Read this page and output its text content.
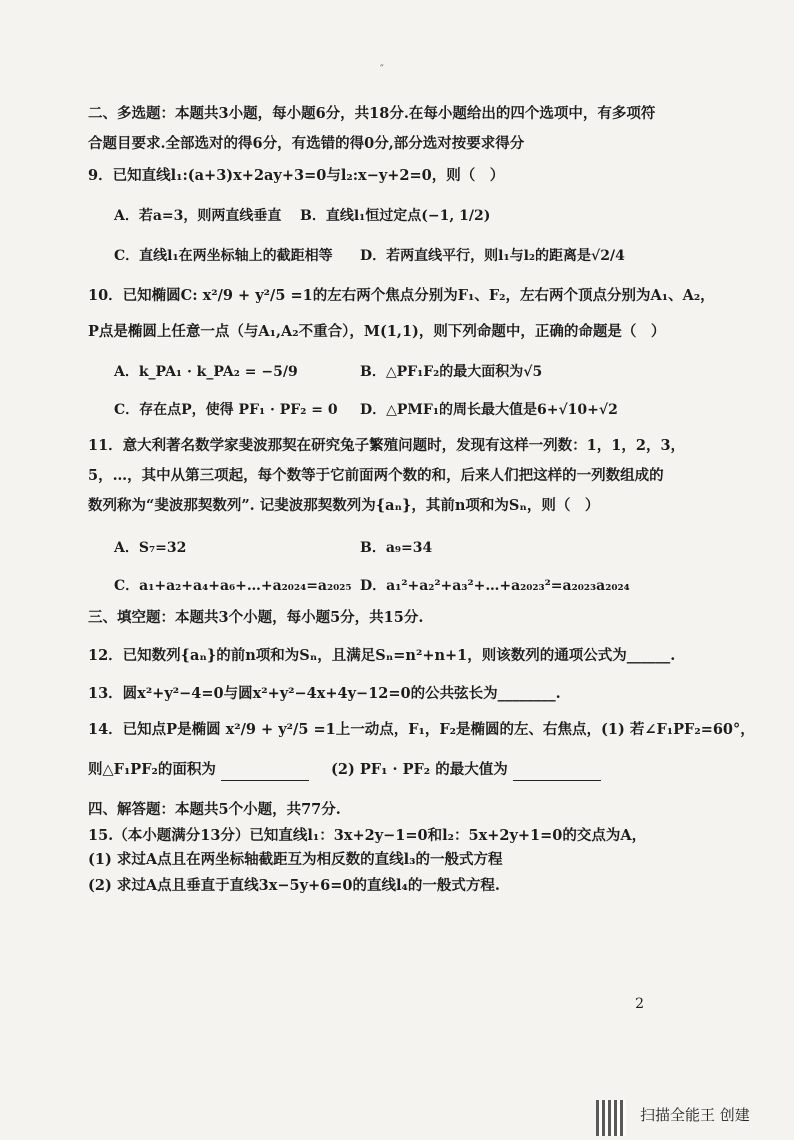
″
二、多选题：本题共3小题，每小题6分，共18分.在每小题给出的四个选项中，有多项符
合题目要求.全部选对的得6分，有选错的得0分,部分选对按要求得分
9．已知直线l₁:(a+3)x+2ay+3=0与l₂:x−y+2=0，则（　）
A．若a=3，则两直线垂直 B．直线l₁恒过定点(−1, 1/2)
C．直线l₁在两坐标轴上的截距相等 D．若两直线平行，则l₁与l₂的距离是√2/4
10．已知椭圆C: x²/9 + y²/5 =1的左右两个焦点分别为F₁、F₂，左右两个顶点分别为A₁、A₂，
P点是椭圆上任意一点（与A₁,A₂不重合），M(1,1)，则下列命题中，正确的命题是（　）
A．k_PA₁ · k_PA₂ = −5/9	B．△PF₁F₂的最大面积为√5
C．存在点P，使得 PF₁ · PF₂ = 0 D．△PMF₁的周长最大值是6+√10+√2
11．意大利著名数学家斐波那契在研究兔子繁殖问题时，发现有这样一列数：1，1，2，3，
5，…，其中从第三项起，每个数等于它前面两个数的和，后来人们把这样的一列数组成的
数列称为“斐波那契数列”. 记斐波那契数列为{aₙ}，其前n项和为Sₙ，则（　）
A．S₇=32	B．a₉=34
C．a₁+a₂+a₄+a₆+…+a₂₀₂₄=a₂₀₂₅ D．a₁²+a₂²+a₃²+…+a₂₀₂₃²=a₂₀₂₃a₂₀₂₄
三、填空题：本题共3个小题，每小题5分，共15分.
12．已知数列{aₙ}的前n项和为Sₙ，且满足Sₙ=n²+n+1，则该数列的通项公式为______.
13．圆x²+y²−4=0与圆x²+y²−4x+4y−12=0的公共弦长为________.
14．已知点P是椭圆 x²/9 + y²/5 =1上一动点，F₁，F₂是椭圆的左、右焦点，(1) 若∠F₁PF₂=60°，
则△F₁PF₂的面积为	(2) PF₁ · PF₂ 的最大值为
四、解答题：本题共5个小题，共77分.
15.（本小题满分13分）已知直线l₁：3x+2y−1=0和l₂：5x+2y+1=0的交点为A，
(1) 求过A点且在两坐标轴截距互为相反数的直线l₃的一般式方程
(2) 求过A点且垂直于直线3x−5y+6=0的直线l₄的一般式方程.
2
扫描全能王 创建
